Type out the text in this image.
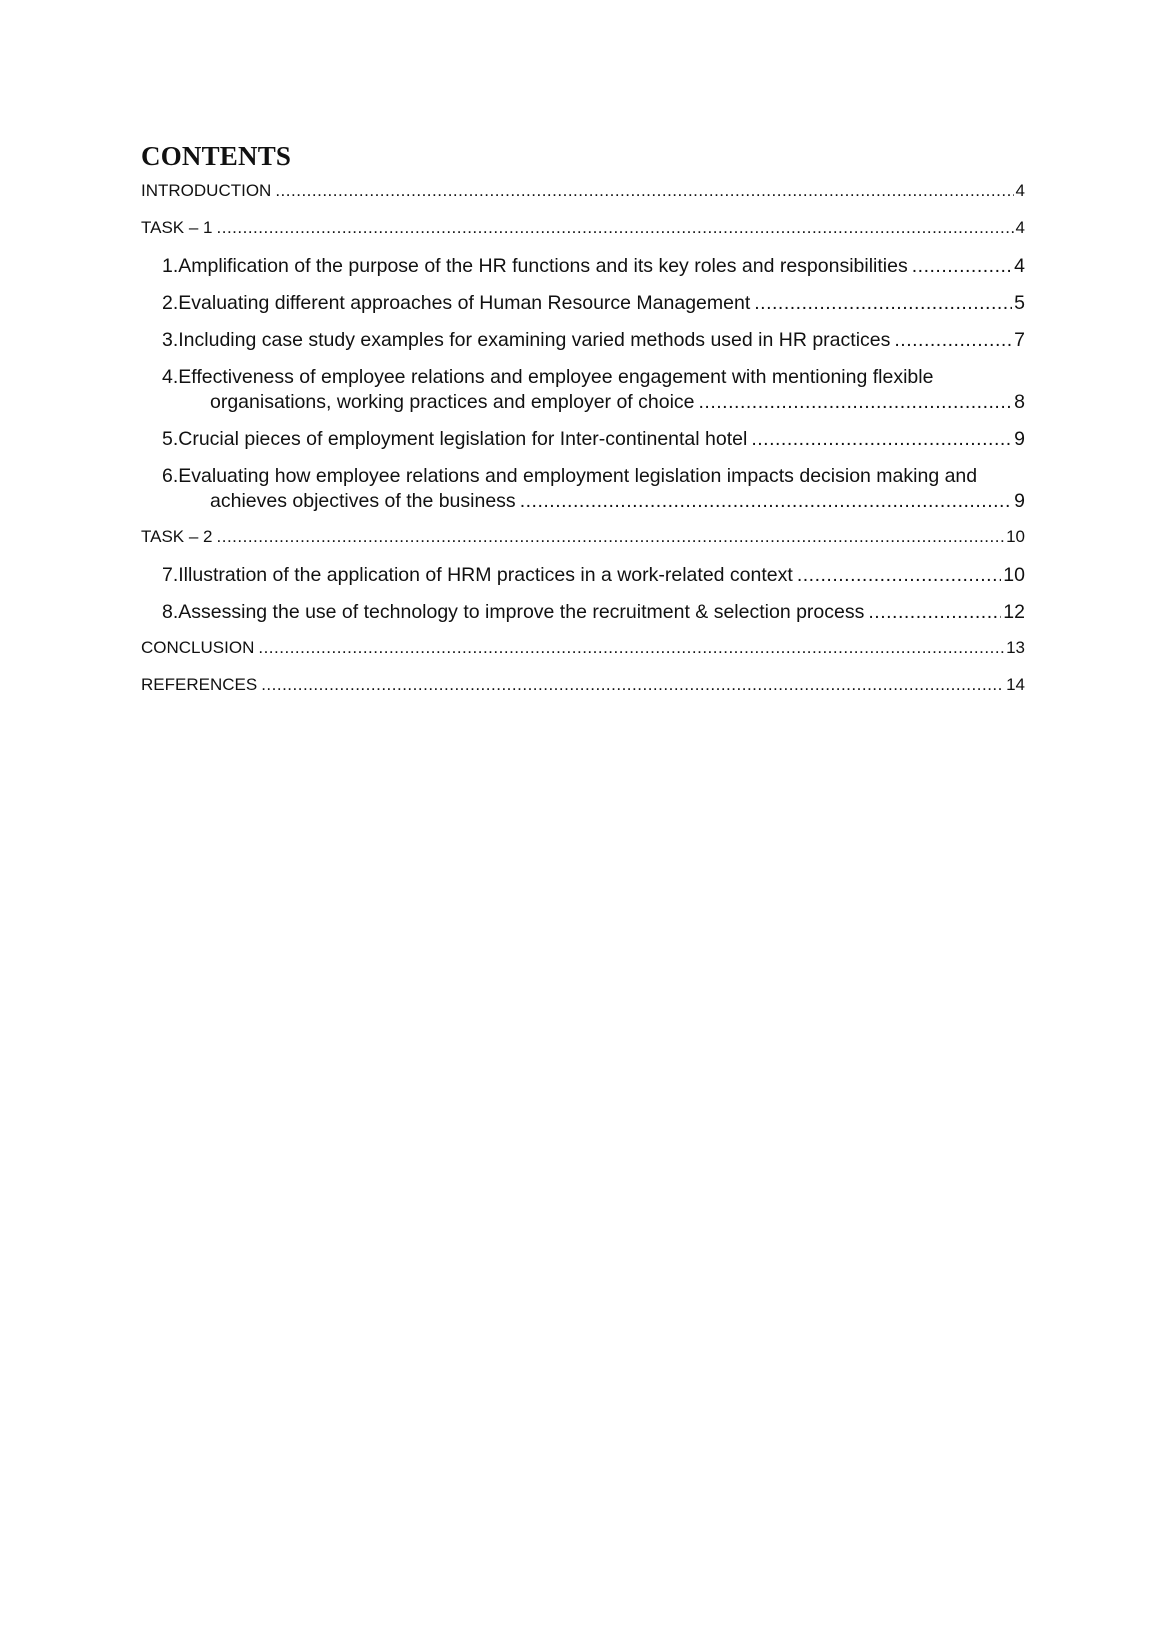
CONTENTS
INTRODUCTION .....	4
TASK – 1 .....	4
1.Amplification of the purpose of the HR functions and its key roles and responsibilities .....	4
2.Evaluating different approaches of Human Resource Management .....	5
3.Including case study examples for examining varied methods used in HR practices .....	7
4.Effectiveness of employee relations and employee engagement with mentioning flexible
organisations, working practices and employer of choice .....	8
5.Crucial pieces of employment legislation for Inter-continental hotel .....	9
6.Evaluating how employee relations and employment legislation impacts decision making and
achieves objectives of the business .....	9
TASK – 2 .....	10
7.Illustration of the application of HRM practices in a work-related context .....	10
8.Assessing the use of technology to improve the recruitment & selection process .....	12
CONCLUSION .....	13
REFERENCES .....	14
